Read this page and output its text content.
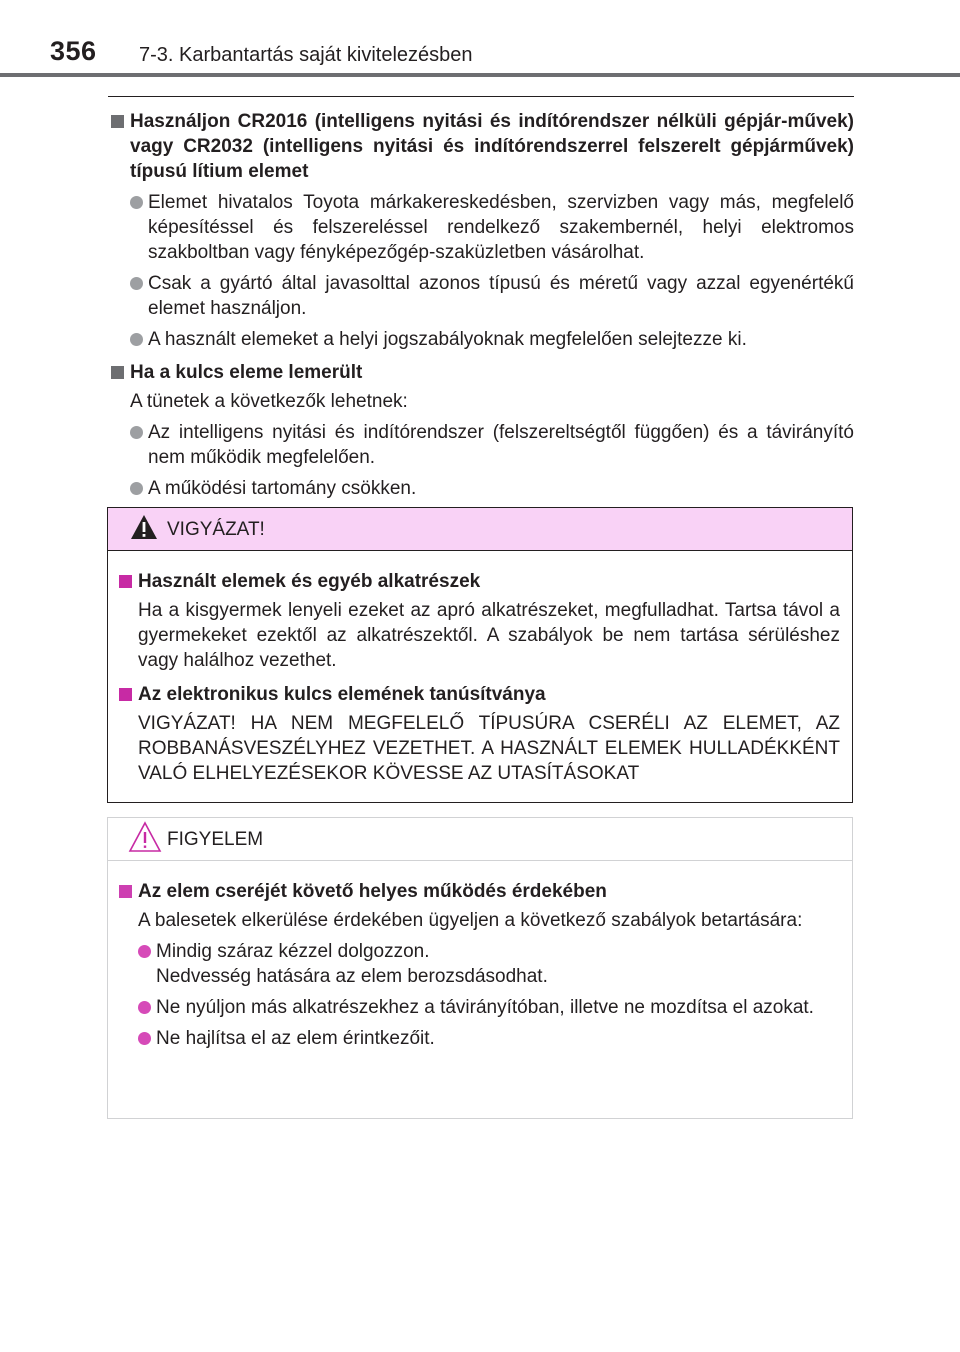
356 7-3. Karbantartás saját kivitelezésben
Használjon CR2016 (intelligens nyitási és indítórendszer nélküli gépjár-művek) vagy CR2032 (intelligens nyitási és indítórendszerrel felszerelt gépjárművek) típusú lítium elemet
Elemet hivatalos Toyota márkakereskedésben, szervizben vagy más, megfelelő képesítéssel és felszereléssel rendelkező szakembernél, helyi elektromos szakboltban vagy fényképezőgép-szaküzletben vásárolhat.
Csak a gyártó által javasolttal azonos típusú és méretű vagy azzal egyenértékű elemet használjon.
A használt elemeket a helyi jogszabályoknak megfelelően selejtezze ki.
Ha a kulcs eleme lemerült
A tünetek a következők lehetnek:
Az intelligens nyitási és indítórendszer (felszereltségtől függően) és a távirányító nem működik megfelelően.
A működési tartomány csökken.
VIGYÁZAT!
Használt elemek és egyéb alkatrészek
Ha a kisgyermek lenyeli ezeket az apró alkatrészeket, megfulladhat. Tartsa távol a gyermekeket ezektől az alkatrészektől. A szabályok be nem tartása sérüléshez vagy halálhoz vezethet.
Az elektronikus kulcs elemének tanúsítványa
VIGYÁZAT! HA NEM MEGFELELŐ TÍPUSÚRA CSERÉLI AZ ELEMET, AZ ROBBANÁSVESZÉLYHEZ VEZETHET. A HASZNÁLT ELEMEK HULLADÉKKÉNT VALÓ ELHELYEZÉSEKOR KÖVESSE AZ UTASÍTÁSOKAT
FIGYELEM
Az elem cseréjét követő helyes működés érdekében
A balesetek elkerülése érdekében ügyeljen a következő szabályok betartására:
Mindig száraz kézzel dolgozzon.
Nedvesség hatására az elem berozsdásodhat.
Ne nyúljon más alkatrészekhez a távirányítóban, illetve ne mozdítsa el azokat.
Ne hajlítsa el az elem érintkezőit.
